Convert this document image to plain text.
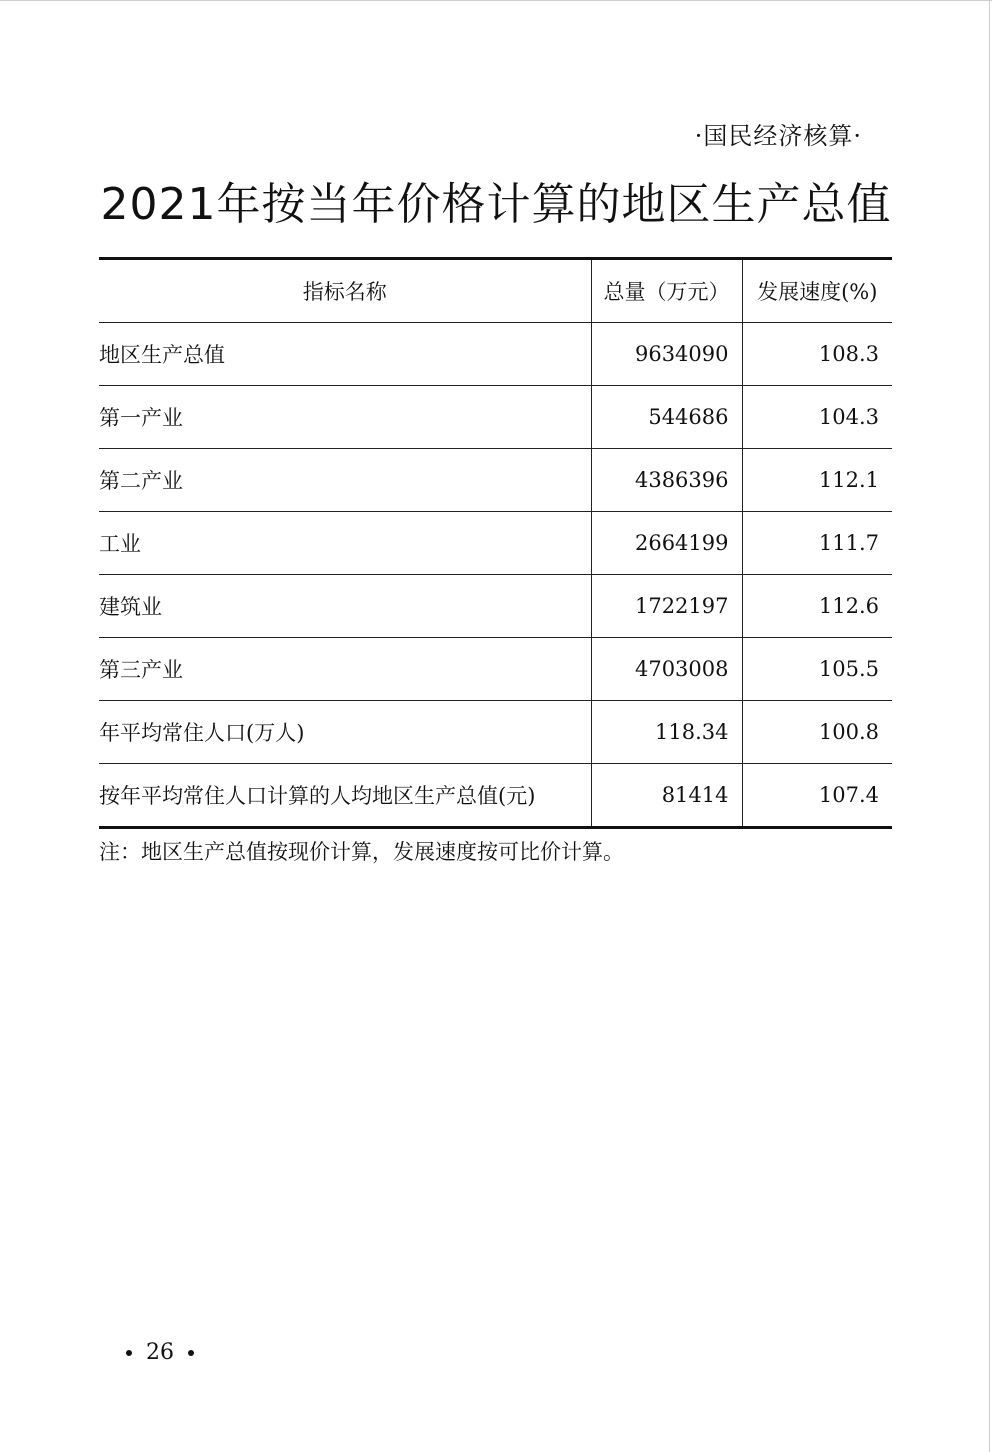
·国民经济核算·
2021年按当年价格计算的地区生产总值
指标名称	总量（万元）	发展速度(%)
地区生产总值	9634090	108.3
第一产业	544686	104.3
第二产业	4386396	112.1
工业	2664199	111.7
建筑业	1722197	112.6
第三产业	4703008	105.5
年平均常住人口(万人)	118.34	100.8
按年平均常住人口计算的人均地区生产总值(元)	81414	107.4
注：地区生产总值按现价计算，发展速度按可比价计算。
26
